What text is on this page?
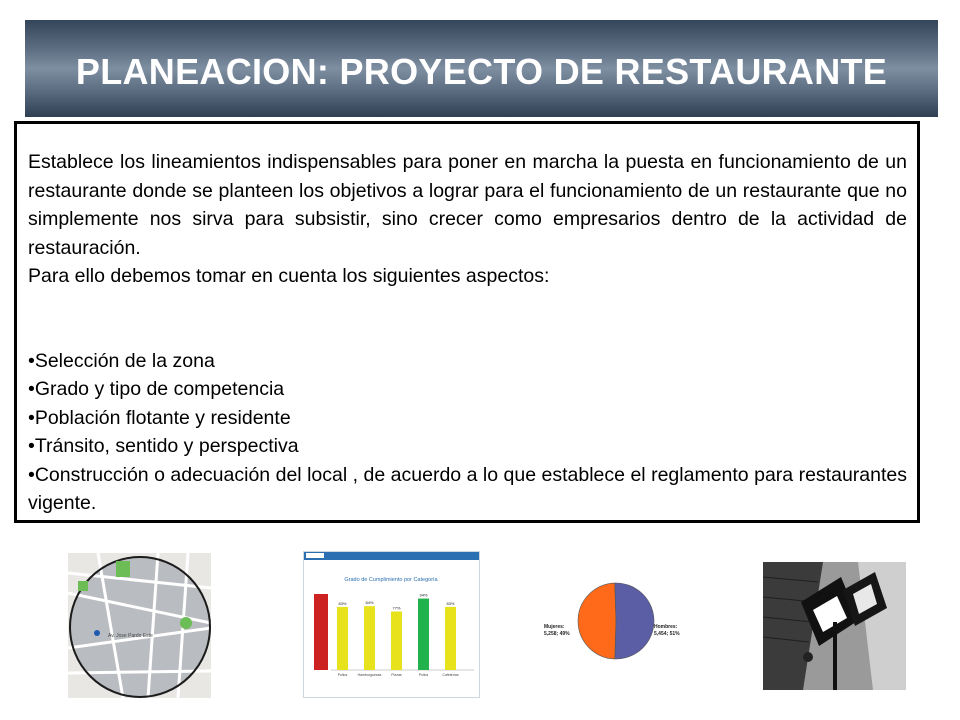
PLANEACION: PROYECTO DE RESTAURANTE

Establece los lineamientos indispensables para poner en marcha la puesta en funcionamiento de un restaurante donde se planteen los objetivos a lograr para el funcionamiento de un restaurante que no simplemente nos sirva para subsistir, sino crecer como empresarios dentro de la actividad de restauración.

Para ello debemos tomar en cuenta los siguientes aspectos:

•Selección de la zona
•Grado y tipo de competencia
•Población flotante y residente
•Tránsito, sentido y perspectiva
•Construcción o adecuación del local , de acuerdo a lo que establece el reglamento para restaurantes vigente.
Av. Jose Pardo Este
Grado de Cumplimiento por Categoría
83%
Pollos
84%
Hamburguesas
77%
Pizzas
94%
Pollos
83%
Cafeterías
Mujeres:
5,258; 49%
Hombres:
5,454; 51%
